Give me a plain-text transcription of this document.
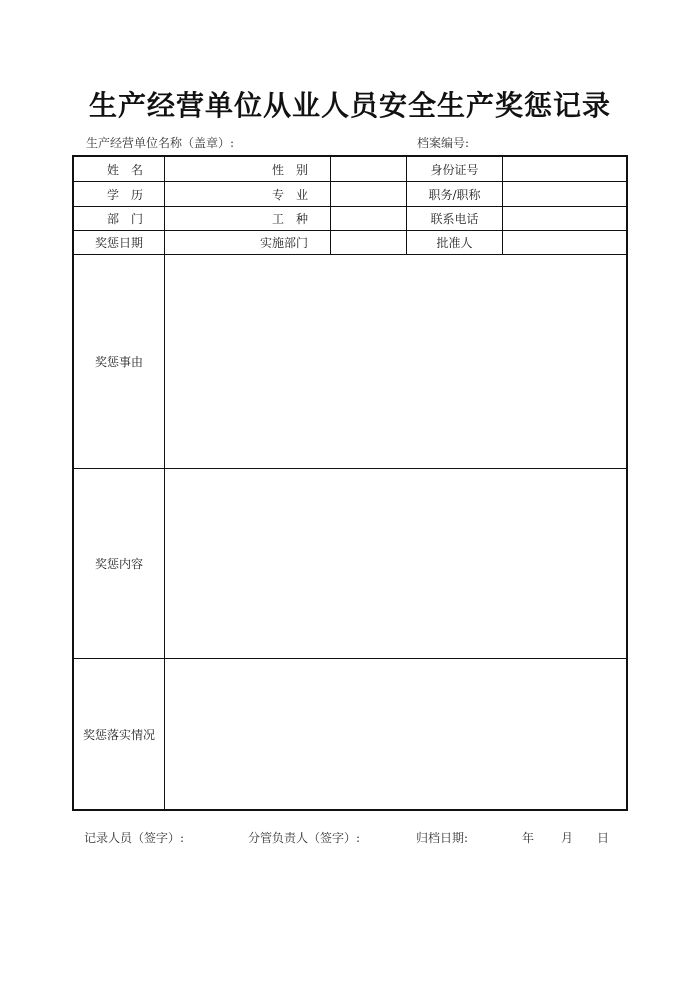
生产经营单位从业人员安全生产奖惩记录
生产经营单位名称（盖章）:	档案编号:
姓名	性别	身份证号
学历	专业	职务/职称
部门	工种	联系电话
奖惩日期	实施部门	批准人
奖惩事由
奖惩内容
奖惩落实情况
记录人员（签字）:	分管负责人（签字）:	归档日期:	年 月 日
